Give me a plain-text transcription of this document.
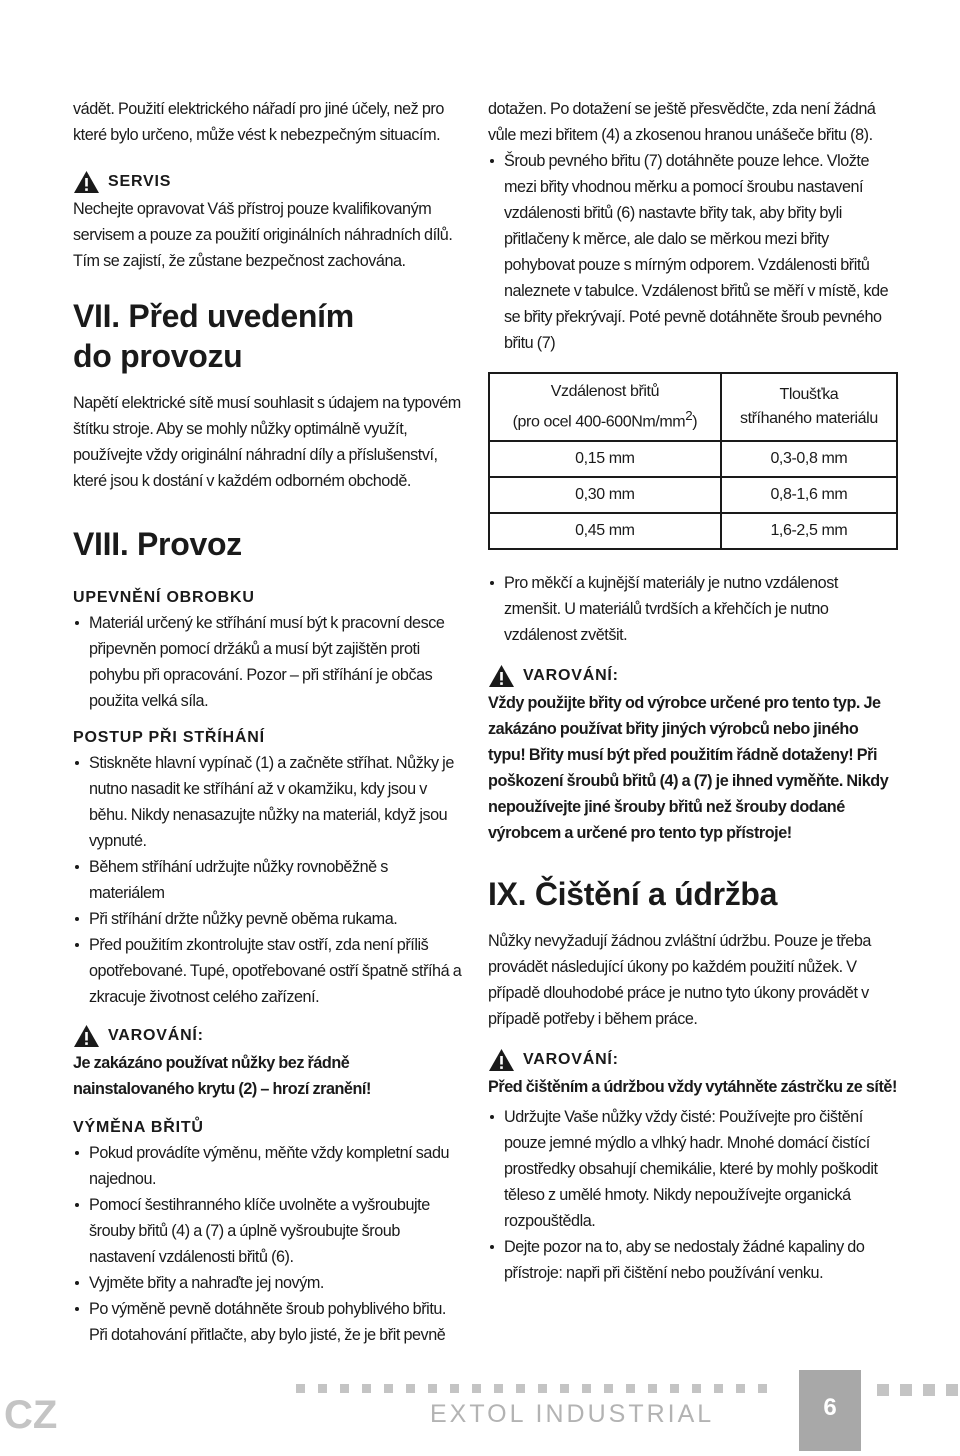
vádět. Použití elektrického nářadí pro jiné účely, než pro které bylo určeno, může vést k nebezpečným situacím.

SERVIS

Nechejte opravovat Váš přístroj pouze kvalifikovaným servisem a pouze za použití originálních náhradních dílů. Tím se zajistí, že zůstane bezpečnost zachována.

VII. Před uvedením
do provozu

Napětí elektrické sítě musí souhlasit s údajem na typovém štítku stroje. Aby se mohly nůžky optimálně využít, používejte vždy originální náhradní díly a příslušenství, které jsou k dostání v každém odborném obchodě.

VIII. Provoz
UPEVNĚNÍ OBROBKU
Materiál určený ke stříhání musí být k pracovní desce připevněn pomocí držáků a musí být zajištěn proti pohybu při opracování. Pozor – při stříhání je občas použita velká síla.
POSTUP PŘI STŘÍHÁNÍ
Stiskněte hlavní vypínač (1) a začněte stříhat. Nůžky je nutno nasadit ke stříhání až v okamžiku, kdy jsou v běhu. Nikdy nenasazujte nůžky na materiál, když jsou vypnuté.
Během stříhání udržujte nůžky rovnoběžně s materiálem
Při stříhání držte nůžky pevně oběma rukama.
Před použitím zkontrolujte stav ostří, zda není příliš opotřebované. Tupé, opotřebované ostří špatně stříhá a zkracuje životnost celého zařízení.
VAROVÁNÍ:

Je zakázáno používat nůžky bez řádně nainstalovaného krytu (2) – hrozí zranění!

VÝMĚNA BŘITŮ
Pokud provádíte výměnu, měňte vždy kompletní sadu najednou.
Pomocí šestihranného klíče uvolněte a vyšroubujte šrouby břitů (4) a (7) a úplně vyšroubujte šroub nastavení vzdálenosti břitů (6).
Vyjměte břity a nahraďte jej novým.
Po výměně pevně dotáhněte šroub pohyblivého břitu. Při dotahování přitlačte, aby bylo jisté, že je břit pevně

dotažen. Po dotažení se ještě přesvědčte, zda není žádná vůle mezi břitem (4) a zkosenou hranou unášeče břitu (8).

Šroub pevného břitu (7) dotáhněte pouze lehce. Vložte mezi břity vhodnou měrku a pomocí šroubu nastavení vzdálenosti břitů (6) nastavte břity tak, aby břity byli přitlačeny k měrce, ale dalo se měrkou mezi břity pohybovat pouze s mírným odporem. Vzdálenosti břitů naleznete v tabulce. Vzdálenost břitů se měří v místě, kde se břity překrývají. Poté pevně dotáhněte šroub pevného břitu (7)
Vzdálenost břitů
(pro ocel $400-600Nm/mm^2$)	Tloušťka
stříhaného materiálu
0,15 mm	0,3-0,8 mm
0,30 mm	0,8-1,6 mm
0,45 mm	1,6-2,5 mm
Pro měkčí a kujnější materiály je nutno vzdálenost zmenšit. U materiálů tvrdších a křehčích je nutno vzdálenost zvětšit.
VAROVÁNÍ:

Vždy použijte břity od výrobce určené pro tento typ. Je zakázáno používat břity jiných výrobců nebo jiného typu! Břity musí být před použitím řádně dotaženy! Při poškození šroubů břitů (4) a (7) je ihned vyměňte. Nikdy nepoužívejte jiné šrouby břitů než šrouby dodané výrobcem a určené pro tento typ přístroje!

IX. Čištění a údržba

Nůžky nevyžadují žádnou zvláštní údržbu. Pouze je třeba provádět následující úkony po každém použití nůžek. V případě dlouhodobé práce je nutno tyto úkony provádět v případě potřeby i během práce.

VAROVÁNÍ:

Před čištěním a údržbou vždy vytáhněte zástrčku ze sítě!

Udržujte Vaše nůžky vždy čisté: Používejte pro čištění pouze jemné mýdlo a vlhký hadr. Mnohé domácí čistící prostředky obsahují chemikálie, které by mohly poškodit těleso z umělé hmoty. Nikdy nepoužívejte organická rozpouštědla.
Dejte pozor na to, aby se nedostaly žádné kapaliny do přístroje: napři při čištění nebo používání venku.
CZ	EXTOL INDUSTRIAL	6
